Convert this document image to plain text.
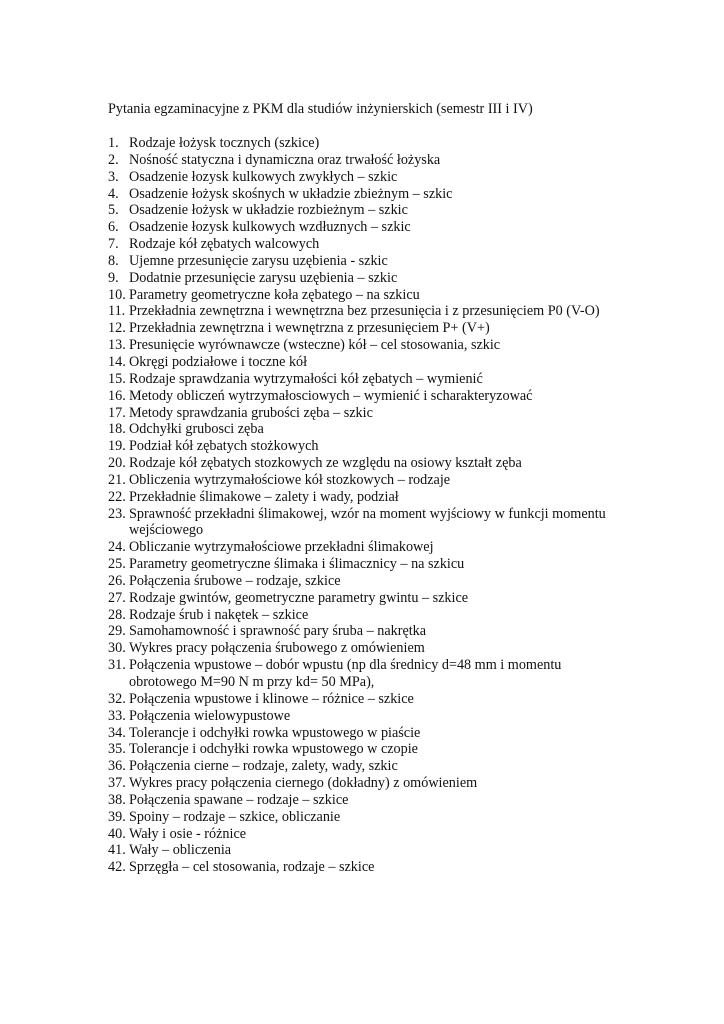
Pytania egzaminacyjne z PKM dla studiów inżynierskich (semestr III i IV)
1. Rodzaje łożysk tocznych (szkice)
2. Nośność statyczna i dynamiczna oraz trwałość łożyska
3. Osadzenie łozysk kulkowych zwykłych – szkic
4. Osadzenie łożysk skośnych w układzie zbieżnym – szkic
5. Osadzenie łożysk w układzie rozbieżnym – szkic
6. Osadzenie łozysk kulkowych wzdłuznych – szkic
7. Rodzaje kół zębatych walcowych
8. Ujemne przesunięcie zarysu uzębienia - szkic
9. Dodatnie przesunięcie zarysu uzębienia – szkic
10. Parametry geometryczne koła zębatego – na szkicu
11. Przekładnia zewnętrzna i wewnętrzna bez przesunięcia i z przesunięciem P0 (V-O)
12. Przekładnia zewnętrzna i wewnętrzna z przesunięciem P+ (V+)
13. Presunięcie wyrównawcze (wsteczne) kół – cel stosowania, szkic
14. Okręgi podziałowe i toczne kół
15. Rodzaje sprawdzania wytrzymałości kół zębatych – wymienić
16. Metody obliczeń wytrzymałosciowych – wymienić i scharakteryzować
17. Metody sprawdzania grubości zęba – szkic
18. Odchyłki grubosci zęba
19. Podział kół zębatych stożkowych
20. Rodzaje kół zębatych stozkowych ze względu na osiowy kształt zęba
21. Obliczenia wytrzymałościowe kół stozkowych – rodzaje
22. Przekładnie ślimakowe – zalety i wady, podział
23. Sprawność przekładni ślimakowej, wzór na moment wyjściowy w funkcji momentu wejściowego
24. Obliczanie wytrzymałościowe przekładni ślimakowej
25. Parametry geometryczne ślimaka i ślimacznicy – na szkicu
26. Połączenia śrubowe – rodzaje, szkice
27. Rodzaje gwintów, geometryczne parametry gwintu – szkice
28. Rodzaje śrub i nakętek – szkice
29. Samohamowność i sprawność pary śruba – nakrętka
30. Wykres pracy połączenia śrubowego z omówieniem
31. Połączenia wpustowe – dobór wpustu (np dla średnicy d=48 mm i momentu obrotowego M=90 N m przy kd= 50 MPa),
32. Połączenia wpustowe i klinowe – różnice – szkice
33. Połączenia wielowypustowe
34. Tolerancje i odchyłki rowka wpustowego w piaście
35. Tolerancje i odchyłki rowka wpustowego w czopie
36. Połączenia cierne – rodzaje, zalety, wady, szkic
37. Wykres pracy połączenia ciernego (dokładny) z omówieniem
38. Połączenia spawane – rodzaje – szkice
39. Spoiny – rodzaje – szkice, obliczanie
40. Wały i osie - różnice
41. Wały – obliczenia
42. Sprzęgła – cel stosowania, rodzaje – szkice
